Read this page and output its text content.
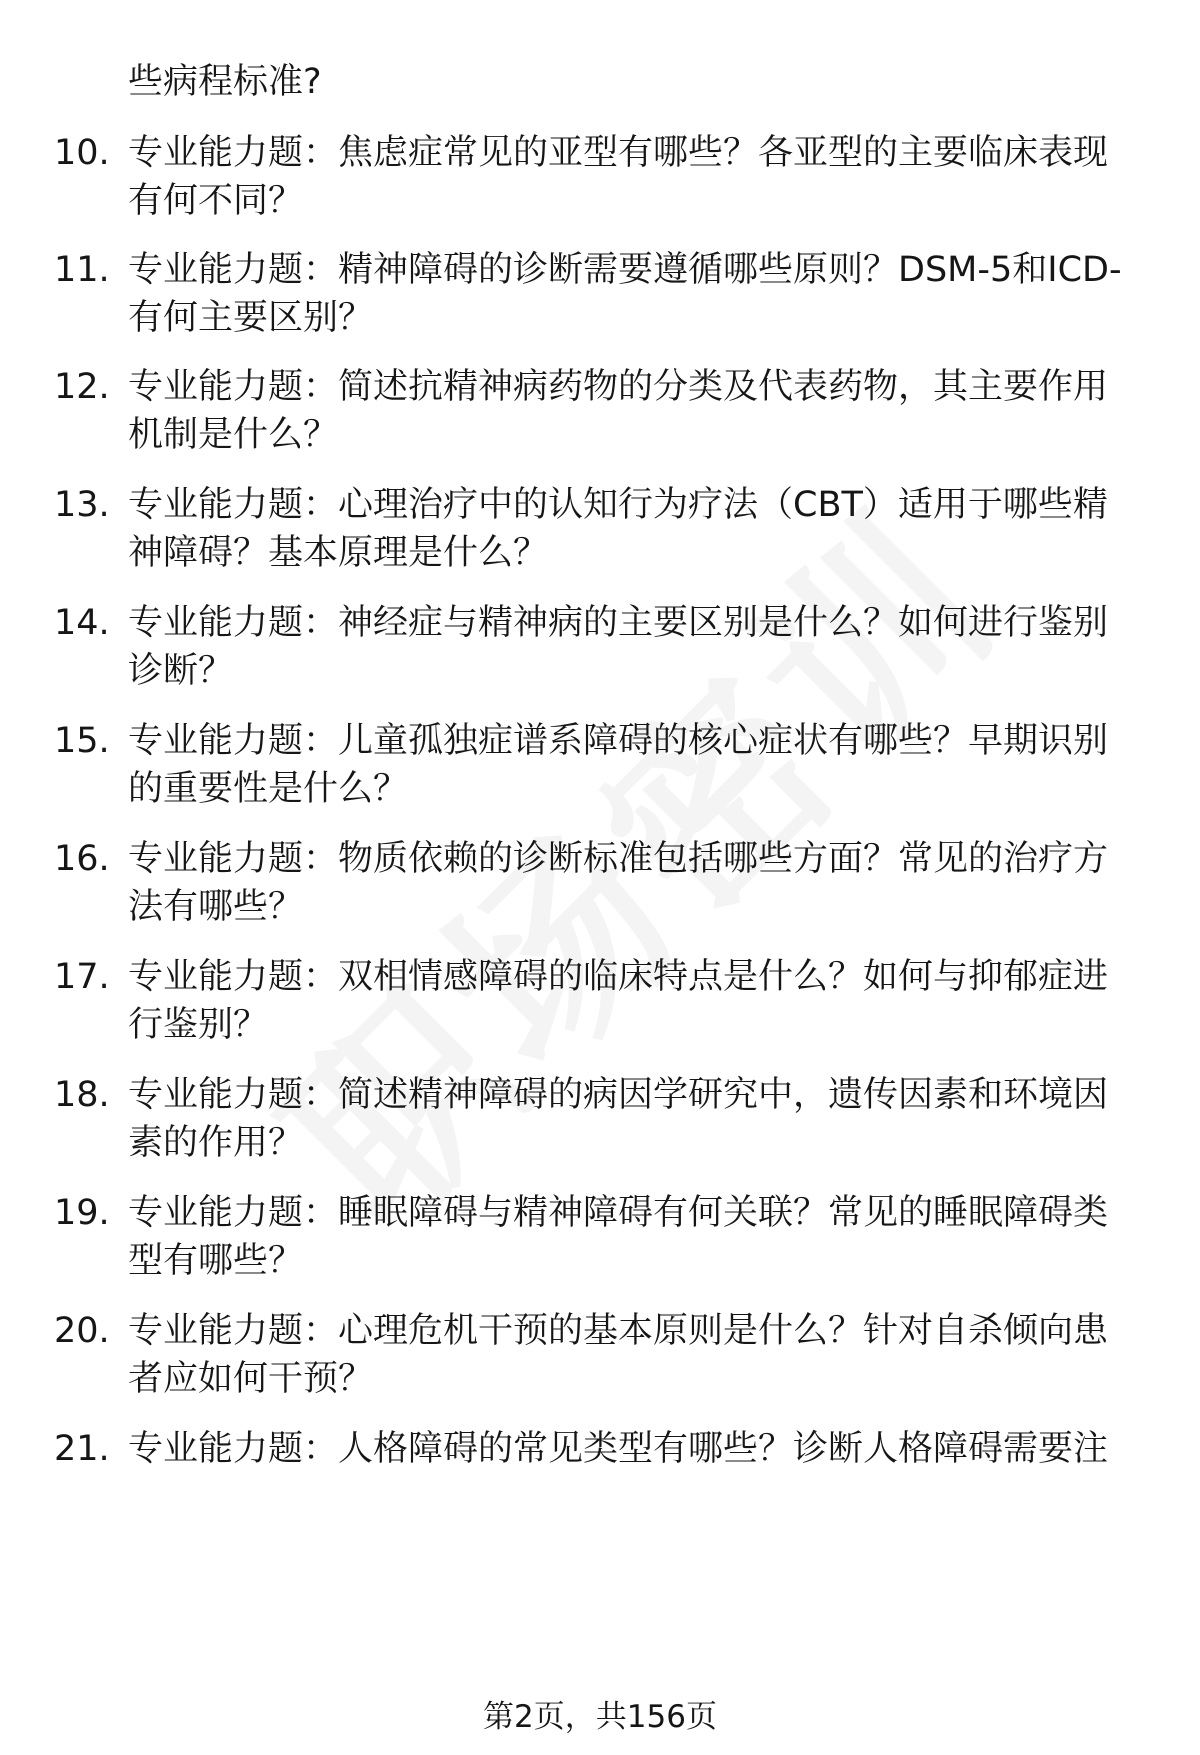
些病程标准?
10. 专业能力题：焦虑症常见的亚型有哪些？各亚型的主要临床表现
有何不同？
11. 专业能力题：精神障碍的诊断需要遵循哪些原则？DSM-5和ICD-
有何主要区别？
12. 专业能力题：简述抗精神病药物的分类及代表药物，其主要作用
机制是什么？
13. 专业能力题：心理治疗中的认知行为疗法（CBT）适用于哪些精
神障碍？基本原理是什么？
14. 专业能力题：神经症与精神病的主要区别是什么？如何进行鉴别
诊断？
15. 专业能力题：儿童孤独症谱系障碍的核心症状有哪些？早期识别
的重要性是什么？
16. 专业能力题：物质依赖的诊断标准包括哪些方面？常见的治疗方
法有哪些？
17. 专业能力题：双相情感障碍的临床特点是什么？如何与抑郁症进
行鉴别？
18. 专业能力题：简述精神障碍的病因学研究中，遗传因素和环境因
素的作用？
19. 专业能力题：睡眠障碍与精神障碍有何关联？常见的睡眠障碍类
型有哪些？
20. 专业能力题：心理危机干预的基本原则是什么？针对自杀倾向患
者应如何干预？
21. 专业能力题：人格障碍的常见类型有哪些？诊断人格障碍需要注
第2页，共156页
